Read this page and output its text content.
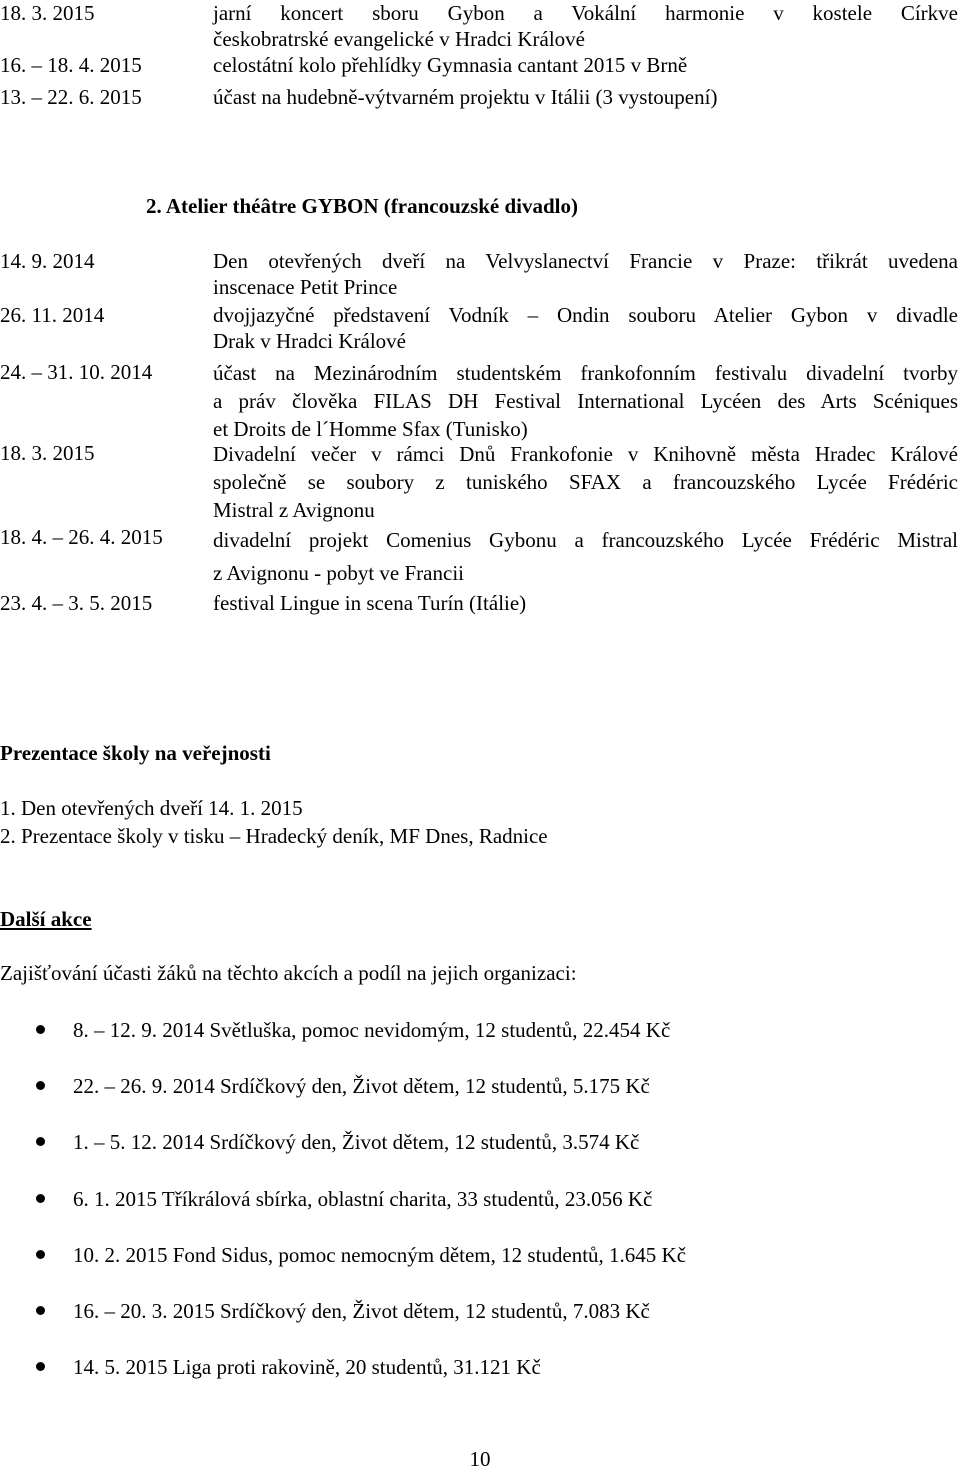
18. 3. 2015	jarní koncert sboru Gybon a Vokální harmonie v kostele Církve
českobratrské evangelické v Hradci Králové
16. – 18. 4. 2015	celostátní kolo přehlídky Gymnasia cantant 2015 v Brně
13. – 22. 6. 2015	účast na hudebně-výtvarném projektu v Itálii (3 vystoupení)
2. Atelier théâtre GYBON (francouzské divadlo)
14. 9. 2014	Den otevřených dveří na Velvyslanectví Francie v Praze: třikrát uvedena
inscenace Petit Prince
26. 11. 2014	dvojjazyčné představení Vodník – Ondin souboru Atelier Gybon v divadle
Drak v Hradci Králové
24. – 31. 10. 2014	účast na Mezinárodním studentském frankofonním festivalu divadelní tvorby
a práv člověka FILAS DH Festival International Lycéen des Arts Scéniques
et Droits de l´Homme Sfax (Tunisko)
18. 3. 2015	Divadelní večer v rámci Dnů Frankofonie v Knihovně města Hradec Králové
společně se soubory z tuniského SFAX a francouzského Lycée Frédéric
Mistral z Avignonu
18. 4. – 26. 4. 2015 divadelní projekt Comenius Gybonu a francouzského Lycée Frédéric Mistral
z Avignonu - pobyt ve Francii
23. 4. – 3. 5. 2015	festival Lingue in scena Turín (Itálie)
Prezentace školy na veřejnosti
1. Den otevřených dveří 14. 1. 2015
2. Prezentace školy v tisku – Hradecký deník, MF Dnes, Radnice
Další akce
Zajišťování účasti žáků na těchto akcích a podíl na jejich organizaci:
8. – 12. 9. 2014 Světluška, pomoc nevidomým, 12 studentů, 22.454 Kč
22. – 26. 9. 2014 Srdíčkový den, Život dětem, 12 studentů, 5.175 Kč
1. – 5. 12. 2014 Srdíčkový den, Život dětem, 12 studentů, 3.574 Kč
6. 1. 2015 Tříkrálová sbírka, oblastní charita, 33 studentů, 23.056 Kč
10. 2. 2015 Fond Sidus, pomoc nemocným dětem, 12 studentů, 1.645 Kč
16. – 20. 3. 2015 Srdíčkový den, Život dětem, 12 studentů, 7.083 Kč
14. 5. 2015 Liga proti rakovině, 20 studentů, 31.121 Kč
10
